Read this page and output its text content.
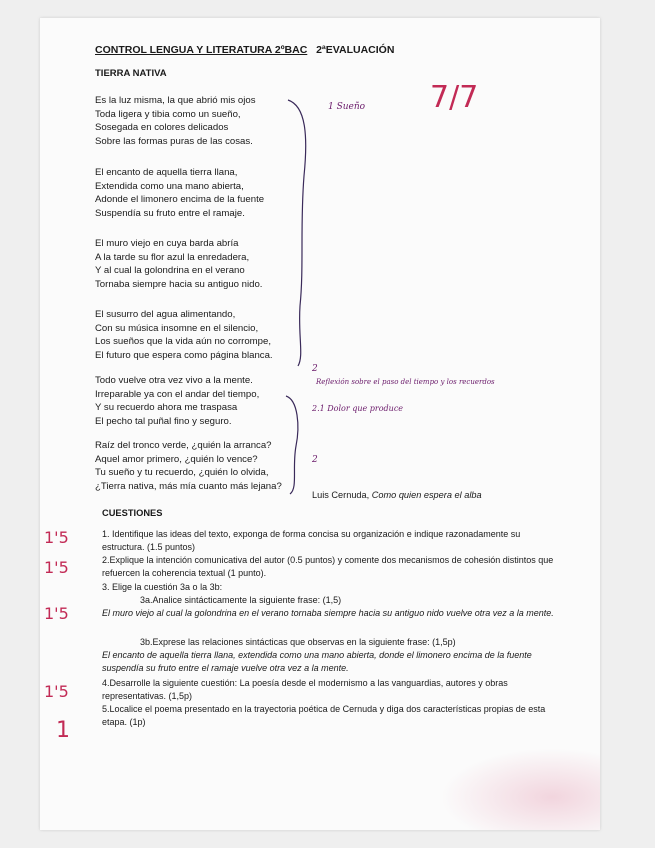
CONTROL LENGUA Y LITERATURA 2ºBAC 2ªEVALUACIÓN
TIERRA NATIVA
Es la luz misma, la que abrió mis ojos
Toda ligera y tibia como un sueño,
Sosegada en colores delicados
Sobre las formas puras de las cosas.
El encanto de aquella tierra llana,
Extendida como una mano abierta,
Adonde el limonero encima de la fuente
Suspendía su fruto entre el ramaje.
El muro viejo en cuya barda abría
A la tarde su flor azul la enredadera,
Y al cual la golondrina en el verano
Tornaba siempre hacia su antiguo nido.
El susurro del agua alimentando,
Con su música insomne en el silencio,
Los sueños que la vida aún no corrompe,
El futuro que espera como página blanca.
Todo vuelve otra vez vivo a la mente.
Irreparable ya con el andar del tiempo,
Y su recuerdo ahora me traspasa
El pecho tal puñal fino y seguro.
Raíz del tronco verde, ¿quién la arranca?
Aquel amor primero, ¿quién lo vence?
Tu sueño y tu recuerdo, ¿quién lo olvida,
¿Tierra nativa, más mía cuanto más lejana?
Luis Cernuda, Como quien espera el alba
1 Sueño 7/7
2
Reflexión sobre el paso del tiempo y los recuerdos
2.1 Dolor que produce
2
CUESTIONES
1. Identifique las ideas del texto, exponga de forma concisa su organización e indique razonadamente su estructura. (1.5 puntos)
2.Explique la intención comunicativa del autor (0.5 puntos) y comente dos mecanismos de cohesión distintos que refuercen la coherencia textual (1 punto).
3. Elige la cuestión 3a o la 3b:
3a.Analice sintácticamente la siguiente frase: (1,5)
El muro viejo al cual la golondrina en el verano tornaba siempre hacia su antiguo nido vuelve otra vez a la mente.
3b.Exprese las relaciones sintácticas que observas en la siguiente frase: (1,5p)
El encanto de aquella tierra llana, extendida como una mano abierta, donde el limonero encima de la fuente suspendía su fruto entre el ramaje vuelve otra vez a la mente.
4.Desarrolle la siguiente cuestión: La poesía desde el modernismo a las vanguardias, autores y obras representativas. (1,5p)
5.Localice el poema presentado en la trayectoria poética de Cernuda y diga dos características propias de esta etapa. (1p)
1'5
1'5
1'5
1'5
1
